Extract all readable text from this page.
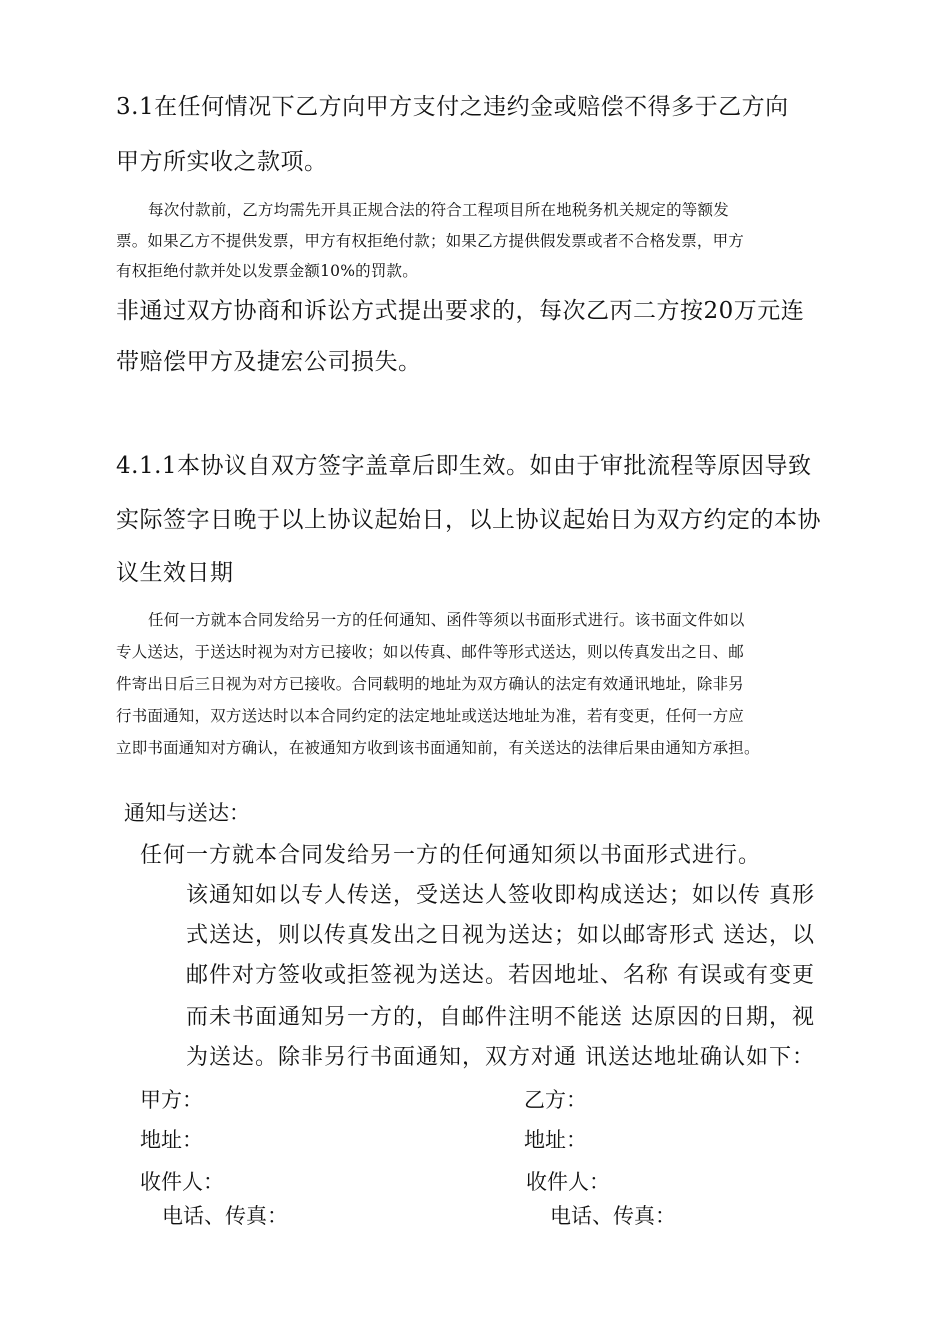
3.1在任何情况下乙方向甲方支付之违约金或赔偿不得多于乙方向
甲方所实收之款项。
每次付款前，乙方均需先开具正规合法的符合工程项目所在地税务机关规定的等额发
票。如果乙方不提供发票，甲方有权拒绝付款；如果乙方提供假发票或者不合格发票，甲方
有权拒绝付款并处以发票金额10%的罚款。
非通过双方协商和诉讼方式提出要求的，每次乙丙二方按20万元连
带赔偿甲方及捷宏公司损失。
4.1.1本协议自双方签字盖章后即生效。如由于审批流程等原因导致
实际签字日晚于以上协议起始日，以上协议起始日为双方约定的本协
议生效日期
任何一方就本合同发给另一方的任何通知、函件等须以书面形式进行。该书面文件如以
专人送达，于送达时视为对方已接收；如以传真、邮件等形式送达，则以传真发出之日、邮
件寄出日后三日视为对方已接收。合同载明的地址为双方确认的法定有效通讯地址，除非另
行书面通知，双方送达时以本合同约定的法定地址或送达地址为准，若有变更，任何一方应
立即书面通知对方确认，在被通知方收到该书面通知前，有关送达的法律后果由通知方承担。
通知与送达：
任何一方就本合同发给另一方的任何通知须以书面形式进行。
该通知如以专人传送，受送达人签收即构成送达；如以传 真形
式送达，则以传真发出之日视为送达；如以邮寄形式 送达，以
邮件对方签收或拒签视为送达。若因地址、名称 有误或有变更
而未书面通知另一方的，自邮件注明不能送 达原因的日期，视
为送达。除非另行书面通知，双方对通 讯送达地址确认如下：
甲方：
地址：
收件人：
电话、传真：
乙方：
地址：
收件人：
电话、传真：
